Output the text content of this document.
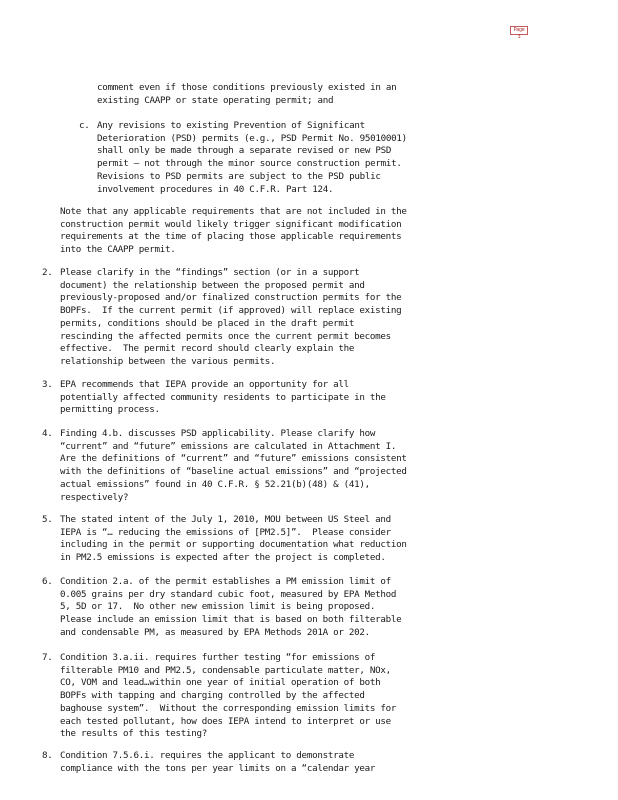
Page 3
comment even if those conditions previously existed in an
existing CAAPP or state operating permit; and
c. Any revisions to existing Prevention of Significant
Deterioration (PSD) permits (e.g., PSD Permit No. 95010001)
shall only be made through a separate revised or new PSD
permit – not through the minor source construction permit.
Revisions to PSD permits are subject to the PSD public
involvement procedures in 40 C.F.R. Part 124.
Note that any applicable requirements that are not included in the
construction permit would likely trigger significant modification
requirements at the time of placing those applicable requirements
into the CAAPP permit.
2. Please clarify in the “findings” section (or in a support
document) the relationship between the proposed permit and
previously-proposed and/or finalized construction permits for the
BOPFs.  If the current permit (if approved) will replace existing
permits, conditions should be placed in the draft permit
rescinding the affected permits once the current permit becomes
effective.  The permit record should clearly explain the
relationship between the various permits.
3. EPA recommends that IEPA provide an opportunity for all
potentially affected community residents to participate in the
permitting process.
4. Finding 4.b. discusses PSD applicability. Please clarify how
“current” and “future” emissions are calculated in Attachment I.
Are the definitions of “current” and “future” emissions consistent
with the definitions of “baseline actual emissions” and “projected
actual emissions” found in 40 C.F.R. § 52.21(b)(48) & (41),
respectively?
5. The stated intent of the July 1, 2010, MOU between US Steel and
IEPA is “… reducing the emissions of [PM2.5]”.  Please consider
including in the permit or supporting documentation what reduction
in PM2.5 emissions is expected after the project is completed.
6. Condition 2.a. of the permit establishes a PM emission limit of
0.005 grains per dry standard cubic foot, measured by EPA Method
5, 5D or 17.  No other new emission limit is being proposed.
Please include an emission limit that is based on both filterable
and condensable PM, as measured by EPA Methods 201A or 202.
7. Condition 3.a.ii. requires further testing “for emissions of
filterable PM10 and PM2.5, condensable particulate matter, NOx,
CO, VOM and lead…within one year of initial operation of both
BOPFs with tapping and charging controlled by the affected
baghouse system”.  Without the corresponding emission limits for
each tested pollutant, how does IEPA intend to interpret or use
the results of this testing?
8. Condition 7.5.6.i. requires the applicant to demonstrate
compliance with the tons per year limits on a “calendar year
